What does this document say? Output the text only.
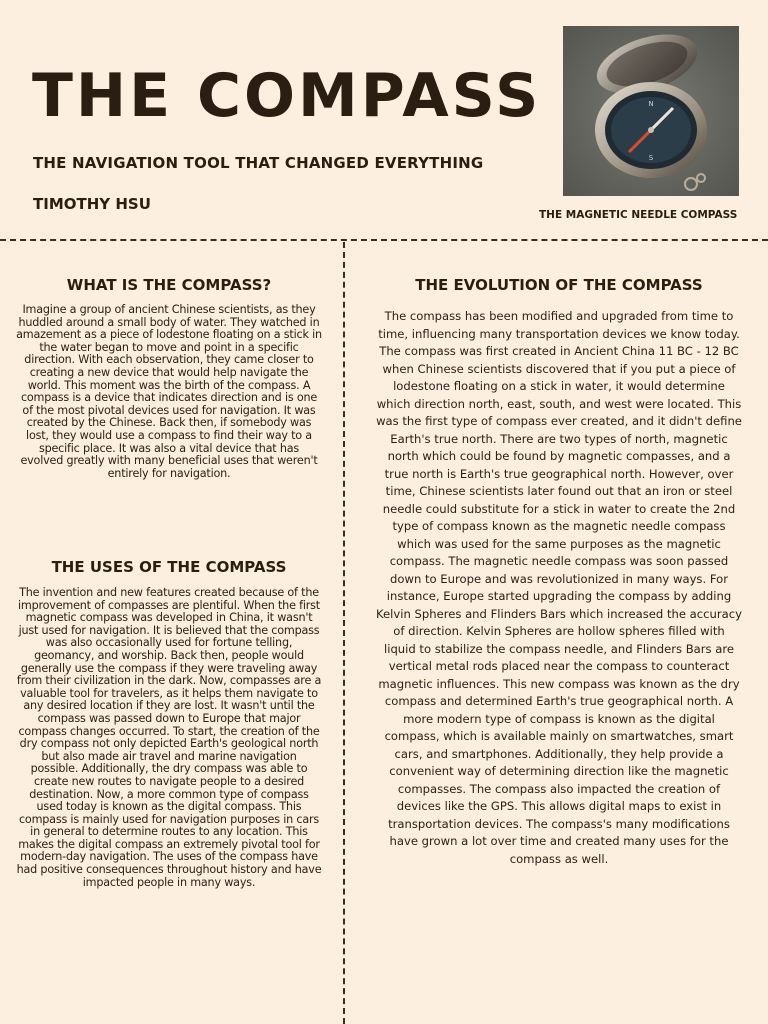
THE COMPASS

THE NAVIGATION TOOL THAT CHANGED EVERYTHING

TIMOTHY HSU

N
S
THE MAGNETIC NEEDLE COMPASS
WHAT IS THE COMPASS?

Imagine a group of ancient Chinese scientists, as they huddled around a small body of water. They watched in amazement as a piece of lodestone floating on a stick in the water began to move and point in a specific direction. With each observation, they came closer to creating a new device that would help navigate the world. This moment was the birth of the compass. A compass is a device that indicates direction and is one of the most pivotal devices used for navigation. It was created by the Chinese. Back then, if somebody was lost, they would use a compass to find their way to a specific place. It was also a vital device that has evolved greatly with many beneficial uses that weren't entirely for navigation.

THE USES OF THE COMPASS

The invention and new features created because of the improvement of compasses are plentiful. When the first magnetic compass was developed in China, it wasn't just used for navigation. It is believed that the compass was also occasionally used for fortune telling, geomancy, and worship. Back then, people would generally use the compass if they were traveling away from their civilization in the dark. Now, compasses are a valuable tool for travelers, as it helps them navigate to any desired location if they are lost. It wasn't until the compass was passed down to Europe that major compass changes occurred. To start, the creation of the dry compass not only depicted Earth's geological north but also made air travel and marine navigation possible. Additionally, the dry compass was able to create new routes to navigate people to a desired destination. Now, a more common type of compass used today is known as the digital compass. This compass is mainly used for navigation purposes in cars in general to determine routes to any location. This makes the digital compass an extremely pivotal tool for modern-day navigation. The uses of the compass have had positive consequences throughout history and have impacted people in many ways.

THE EVOLUTION OF THE COMPASS

The compass has been modified and upgraded from time to time, influencing many transportation devices we know today. The compass was first created in Ancient China 11 BC - 12 BC when Chinese scientists discovered that if you put a piece of lodestone floating on a stick in water, it would determine which direction north, east, south, and west were located. This was the first type of compass ever created, and it didn't define Earth's true north. There are two types of north, magnetic north which could be found by magnetic compasses, and a true north is Earth's true geographical north. However, over time, Chinese scientists later found out that an iron or steel needle could substitute for a stick in water to create the 2nd type of compass known as the magnetic needle compass which was used for the same purposes as the magnetic compass. The magnetic needle compass was soon passed down to Europe and was revolutionized in many ways. For instance, Europe started upgrading the compass by adding Kelvin Spheres and Flinders Bars which increased the accuracy of direction. Kelvin Spheres are hollow spheres filled with liquid to stabilize the compass needle, and Flinders Bars are vertical metal rods placed near the compass to counteract magnetic influences. This new compass was known as the dry compass and determined Earth's true geographical north. A more modern type of compass is known as the digital compass, which is available mainly on smartwatches, smart cars, and smartphones. Additionally, they help provide a convenient way of determining direction like the magnetic compasses. The compass also impacted the creation of devices like the GPS. This allows digital maps to exist in transportation devices. The compass's many modifications have grown a lot over time and created many uses for the compass as well.
